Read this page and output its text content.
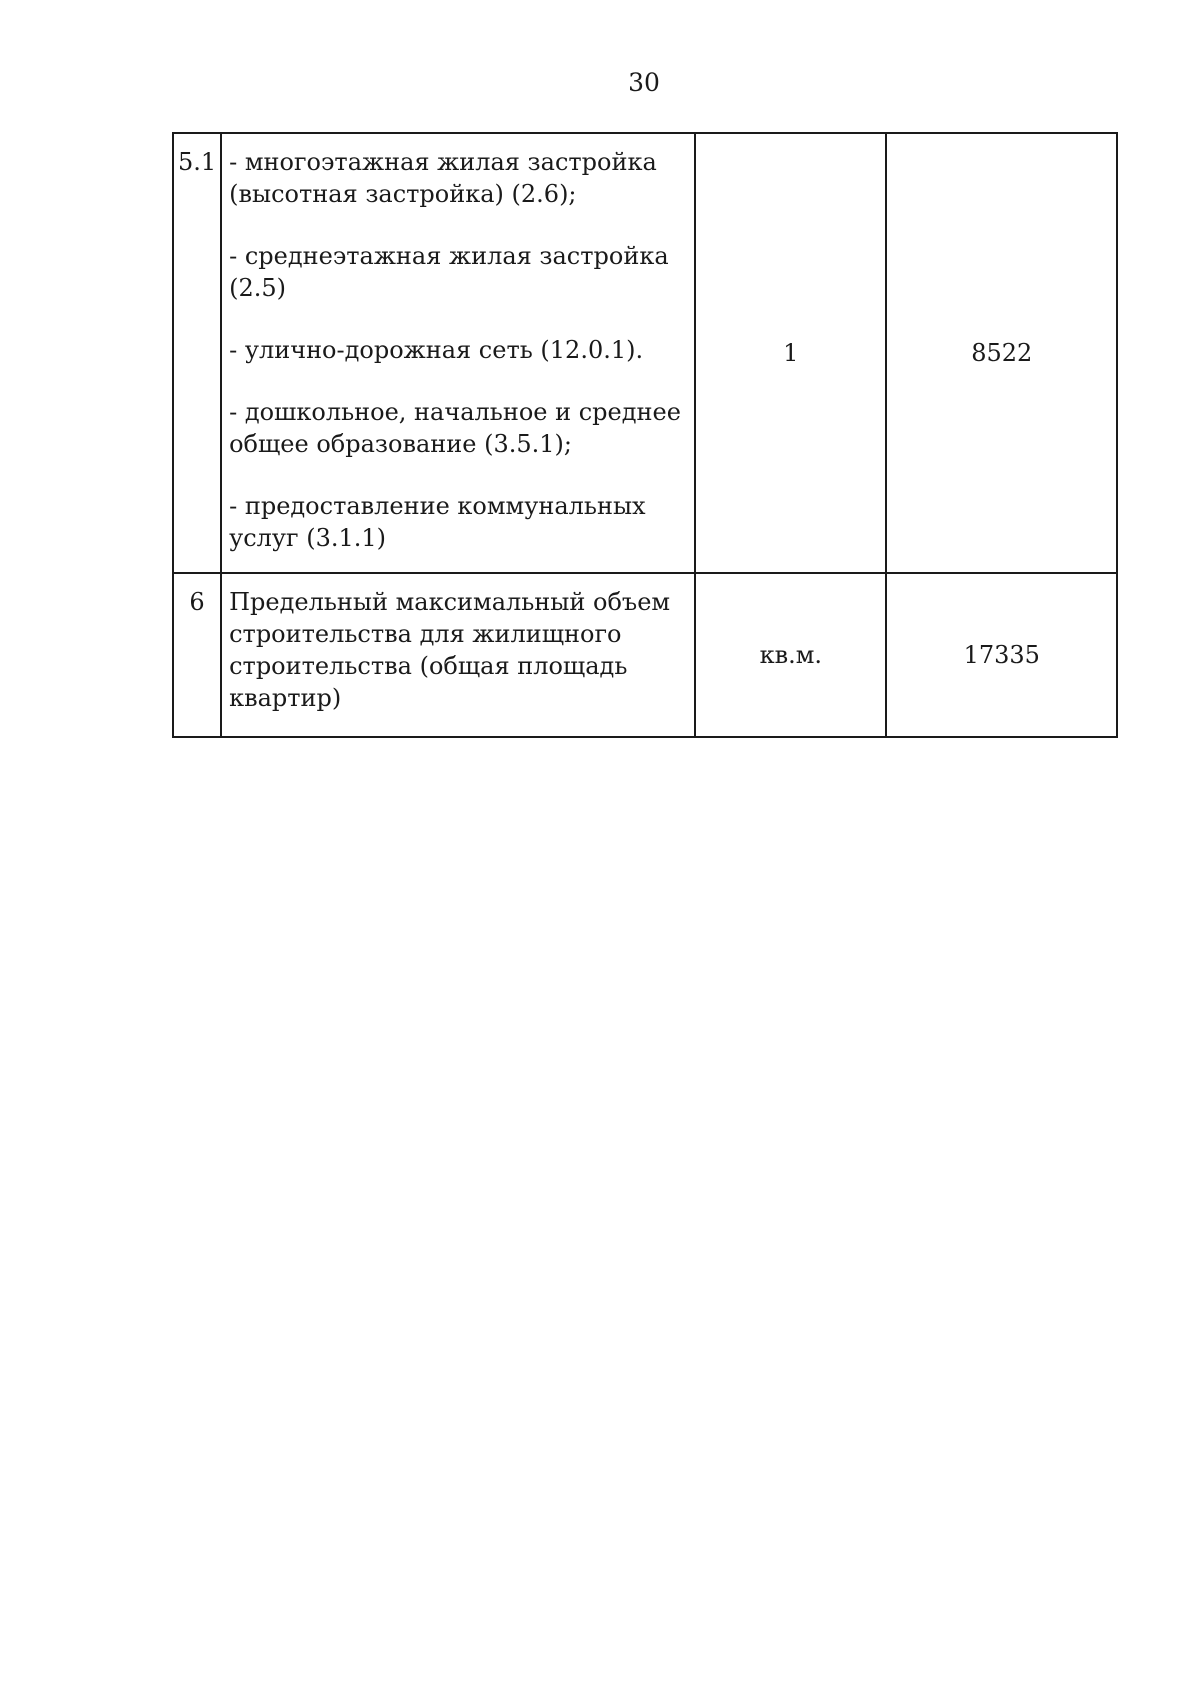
30
5.1	- многоэтажная жилая застройка (высотная застройка) (2.6);

- среднеэтажная жилая застройка (2.5)

- улично-дорожная сеть (12.0.1).

- дошкольное, начальное и среднее общее образование (3.5.1);

- предоставление коммунальных услуг (3.1.1)	1	8522
6	Предельный максимальный объем строительства для жилищного строительства (общая площадь квартир)	кв.м.	17335
